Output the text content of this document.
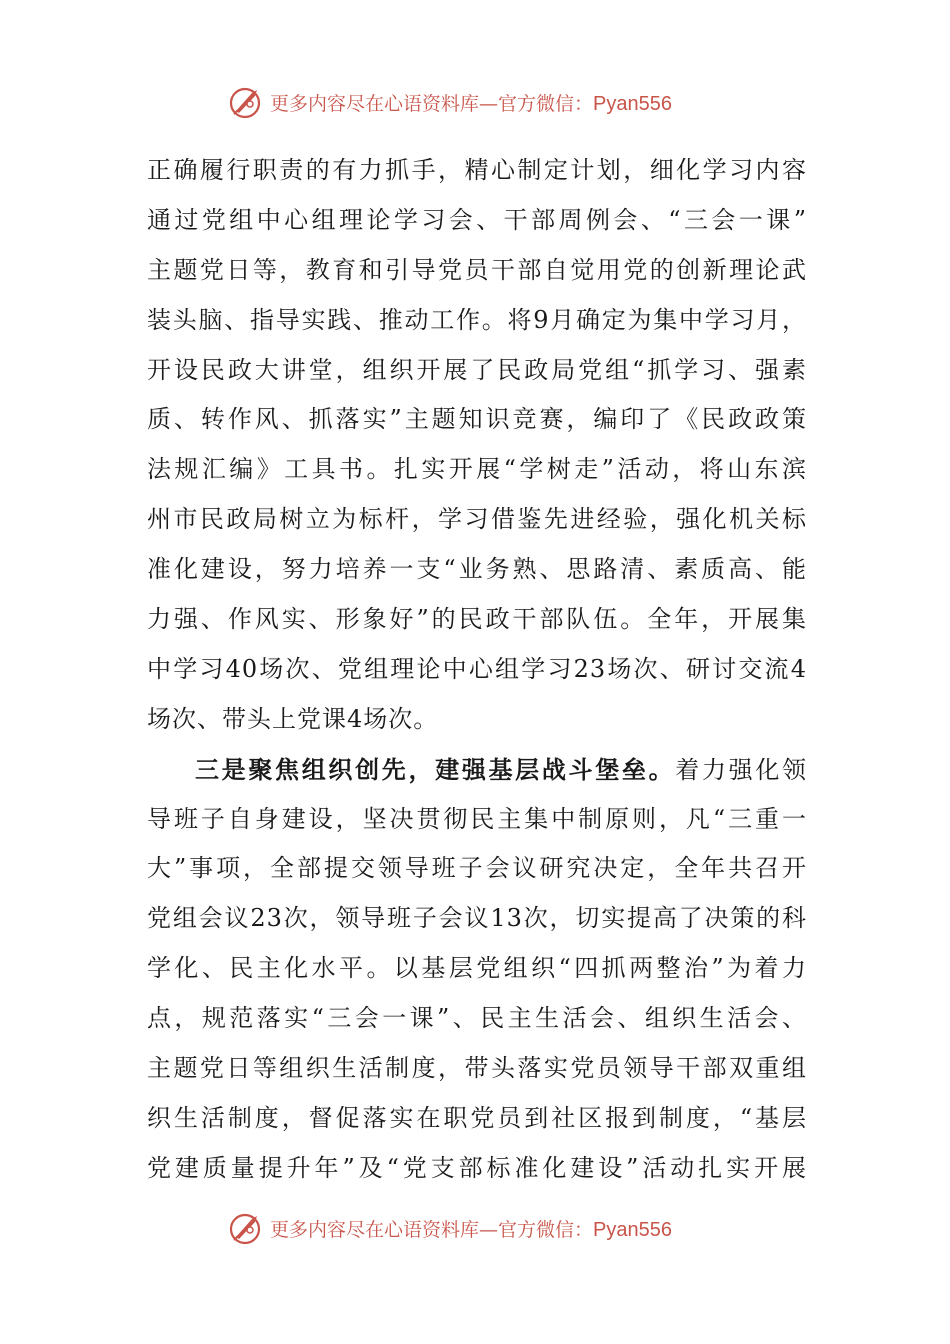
更多内容尽在心语资料库—官方微信：Pyan556
正确履行职责的有力抓手，精心制定计划，细化学习内容
通过党组中心组理论学习会、干部周例会、“三会一课”
主题党日等，教育和引导党员干部自觉用党的创新理论武
装头脑、指导实践、推动工作。将9月确定为集中学习月，
开设民政大讲堂，组织开展了民政局党组“抓学习、强素
质、转作风、抓落实”主题知识竞赛，编印了《民政政策
法规汇编》工具书。扎实开展“学树走”活动，将山东滨
州市民政局树立为标杆，学习借鉴先进经验，强化机关标
准化建设，努力培养一支“业务熟、思路清、素质高、能
力强、作风实、形象好”的民政干部队伍。全年，开展集
中学习40场次、党组理论中心组学习23场次、研讨交流4
场次、带头上党课4场次。
三是聚焦组织创先，建强基层战斗堡垒。着力强化领
导班子自身建设，坚决贯彻民主集中制原则，凡“三重一
大”事项，全部提交领导班子会议研究决定，全年共召开
党组会议23次，领导班子会议13次，切实提高了决策的科
学化、民主化水平。以基层党组织“四抓两整治”为着力
点，规范落实“三会一课”、民主生活会、组织生活会、
主题党日等组织生活制度，带头落实党员领导干部双重组
织生活制度，督促落实在职党员到社区报到制度，“基层
党建质量提升年”及“党支部标准化建设”活动扎实开展
更多内容尽在心语资料库—官方微信：Pyan556
